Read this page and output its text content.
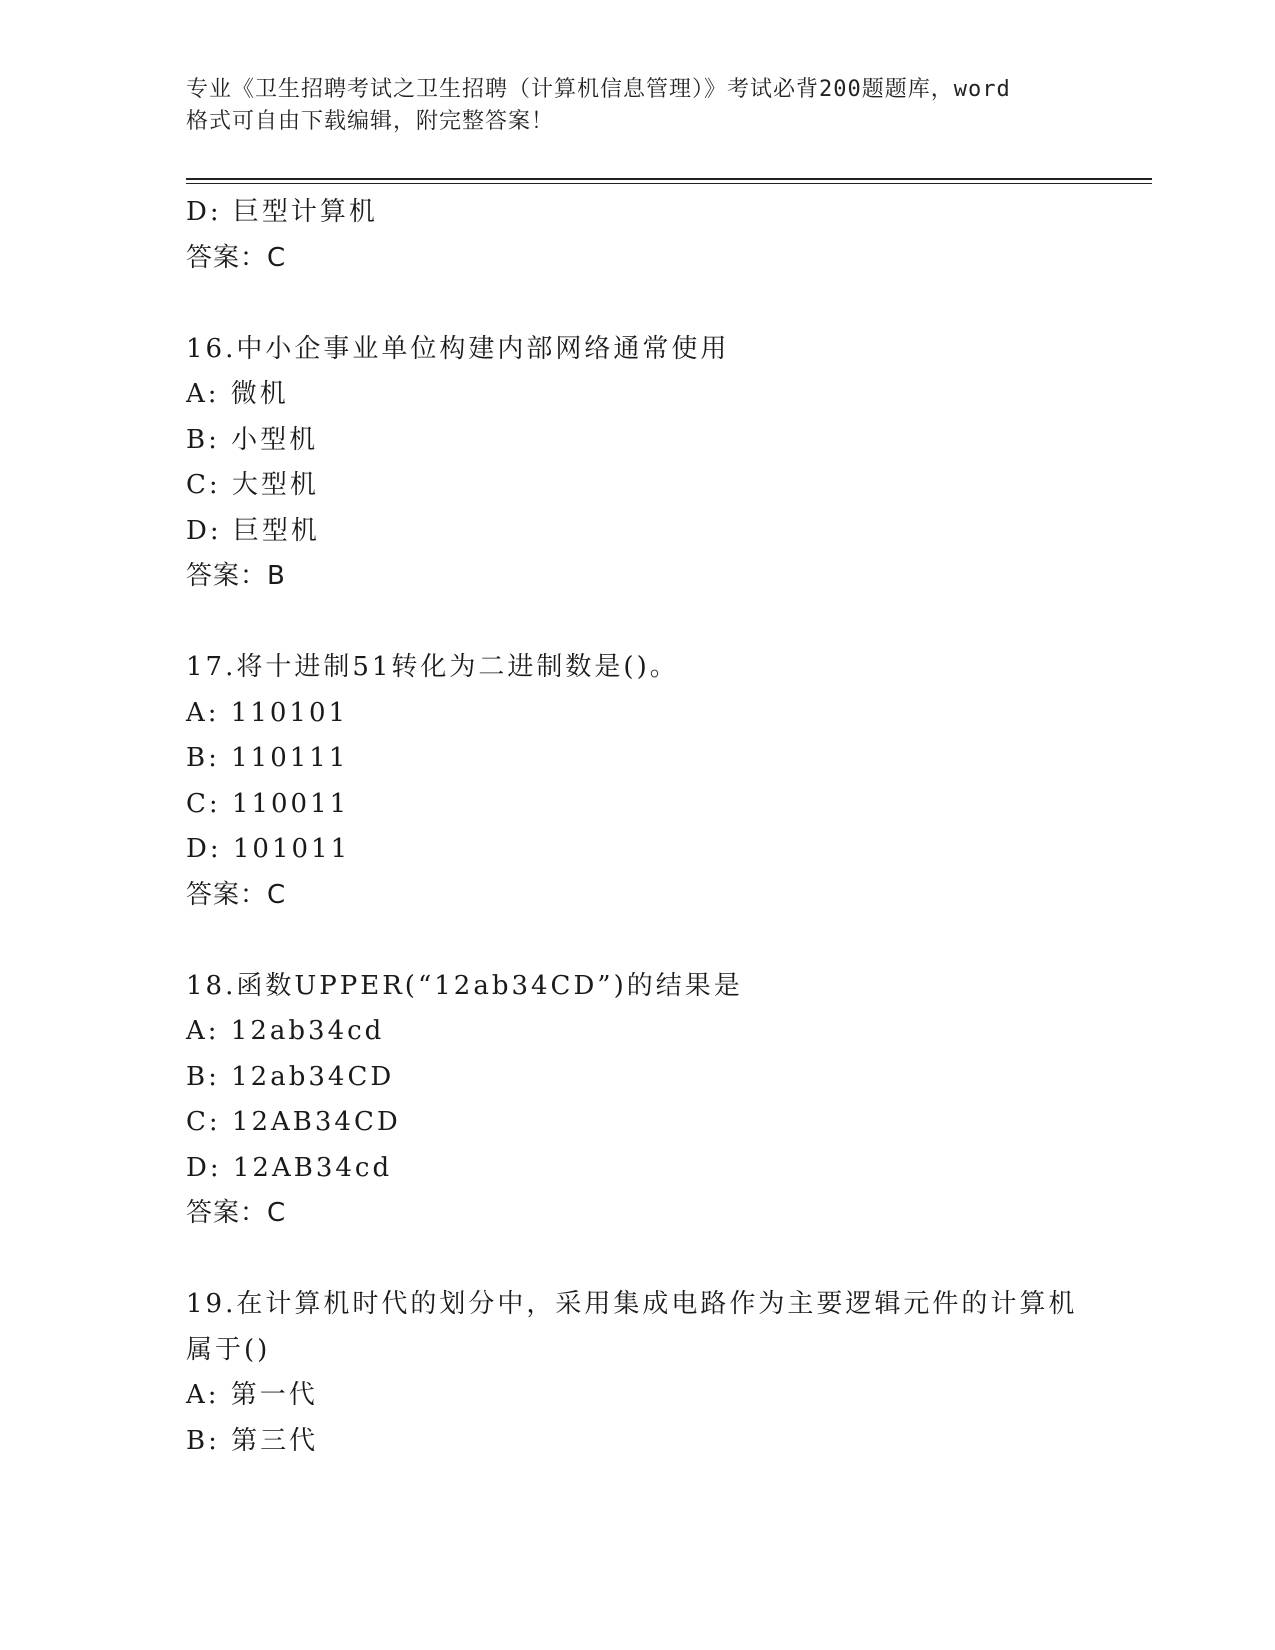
专业《卫生招聘考试之卫生招聘（计算机信息管理）》考试必背200题题库，word
格式可自由下载编辑，附完整答案！
D: 巨型计算机
答案：C
16.中小企事业单位构建内部网络通常使用
A: 微机
B: 小型机
C: 大型机
D: 巨型机
答案：B
17.将十进制51转化为二进制数是()。
A: 110101
B: 110111
C: 110011
D: 101011
答案：C
18.函数UPPER(“12ab34CD”)的结果是
A: 12ab34cd
B: 12ab34CD
C: 12AB34CD
D: 12AB34cd
答案：C
19.在计算机时代的划分中，采用集成电路作为主要逻辑元件的计算机
属于()
A: 第一代
B: 第三代
